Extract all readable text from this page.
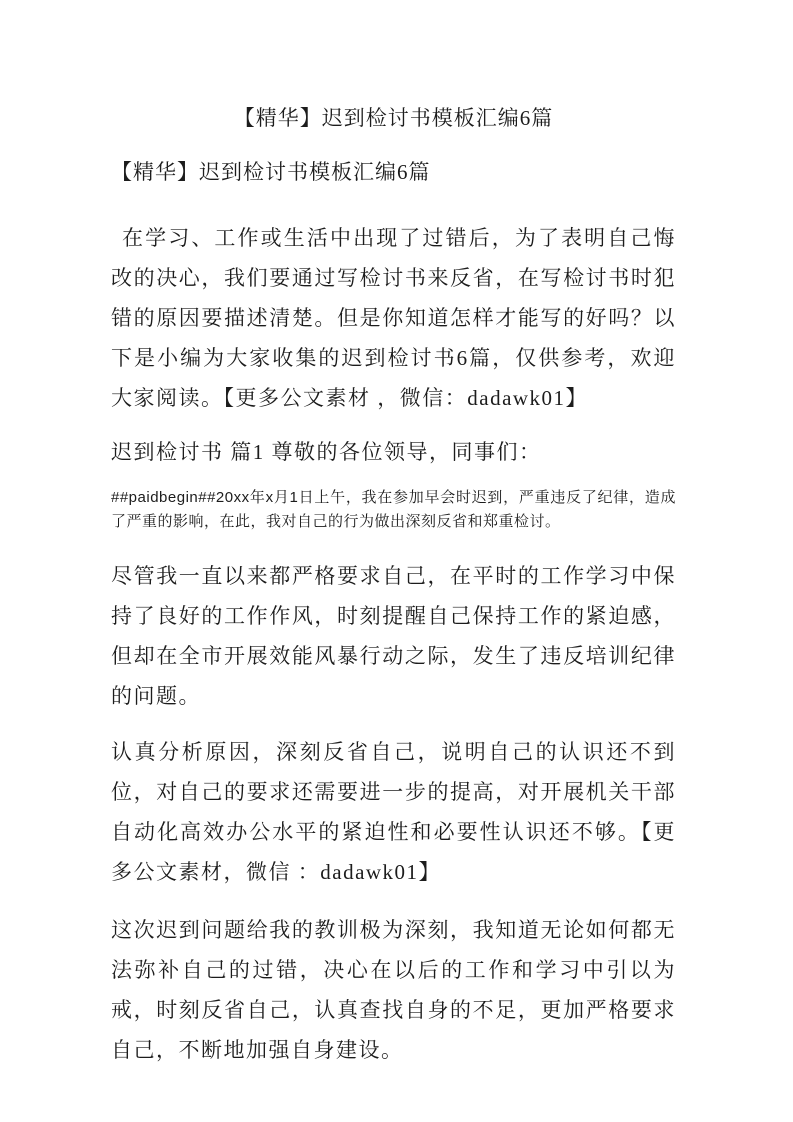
【精华】迟到检讨书模板汇编6篇
【精华】迟到检讨书模板汇编6篇

在学习、工作或生活中出现了过错后，为了表明自己悔改的决心，我们要通过写检讨书来反省，在写检讨书时犯错的原因要描述清楚。但是你知道怎样才能写的好吗？以下是小编为大家收集的迟到检讨书6篇，仅供参考，欢迎大家阅读。【更多公文素材 ，微信：dadawk01】

迟到检讨书 篇1 尊敬的各位领导，同事们：

##paidbegin##20xx年x月1日上午，我在参加早会时迟到，严重违反了纪律，造成了严重的影响，在此，我对自己的行为做出深刻反省和郑重检讨。

尽管我一直以来都严格要求自己，在平时的工作学习中保持了良好的工作作风，时刻提醒自己保持工作的紧迫感，但却在全市开展效能风暴行动之际，发生了违反培训纪律的问题。

认真分析原因，深刻反省自己，说明自己的认识还不到位，对自己的要求还需要进一步的提高，对开展机关干部自动化高效办公水平的紧迫性和必要性认识还不够。【更多公文素材，微信 ：dadawk01】

这次迟到问题给我的教训极为深刻，我知道无论如何都无法弥补自己的过错，决心在以后的工作和学习中引以为戒，时刻反省自己，认真查找自身的不足，更加严格要求自己，不断地加强自身建设。
